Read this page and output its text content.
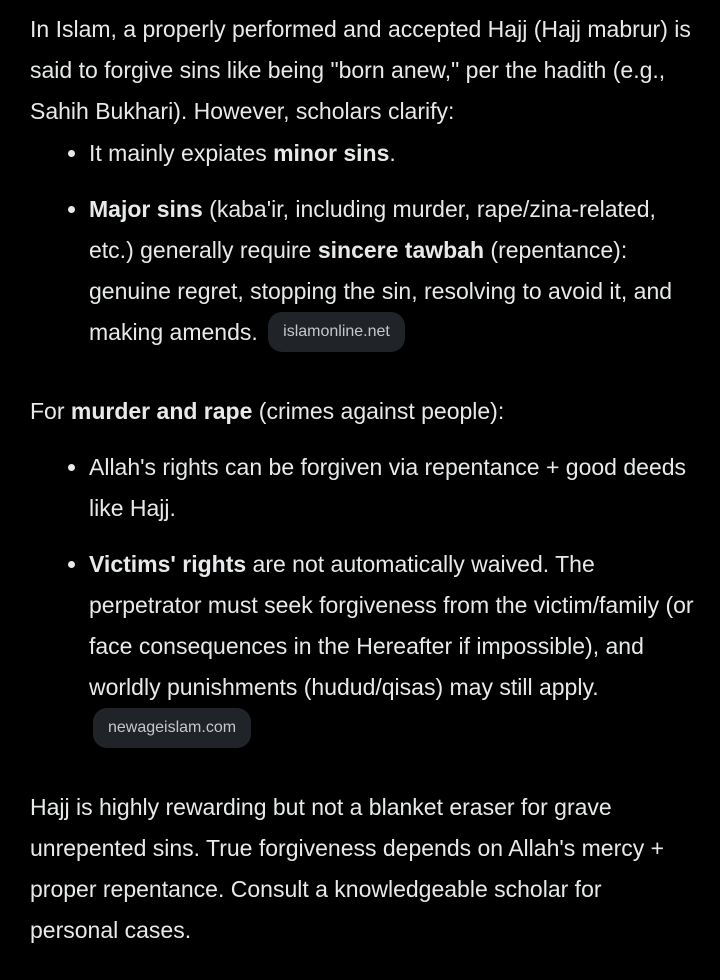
In Islam, a properly performed and accepted Hajj (Hajj mabrur) is said to forgive sins like being "born anew," per the hadith (e.g., Sahih Bukhari). However, scholars clarify:

It mainly expiates minor sins.
Major sins (kaba'ir, including murder, rape/zina-related, etc.) generally require sincere tawbah (repentance): genuine regret, stopping the sin, resolving to avoid it, and making amends. islamonline.net

For murder and rape (crimes against people):

Allah's rights can be forgiven via repentance + good deeds like Hajj.
Victims' rights are not automatically waived. The perpetrator must seek forgiveness from the victim/family (or face consequences in the Hereafter if impossible), and worldly punishments (hudud/qisas) may still apply. newageislam.com

Hajj is highly rewarding but not a blanket eraser for grave unrepented sins. True forgiveness depends on Allah's mercy + proper repentance. Consult a knowledgeable scholar for personal cases.
